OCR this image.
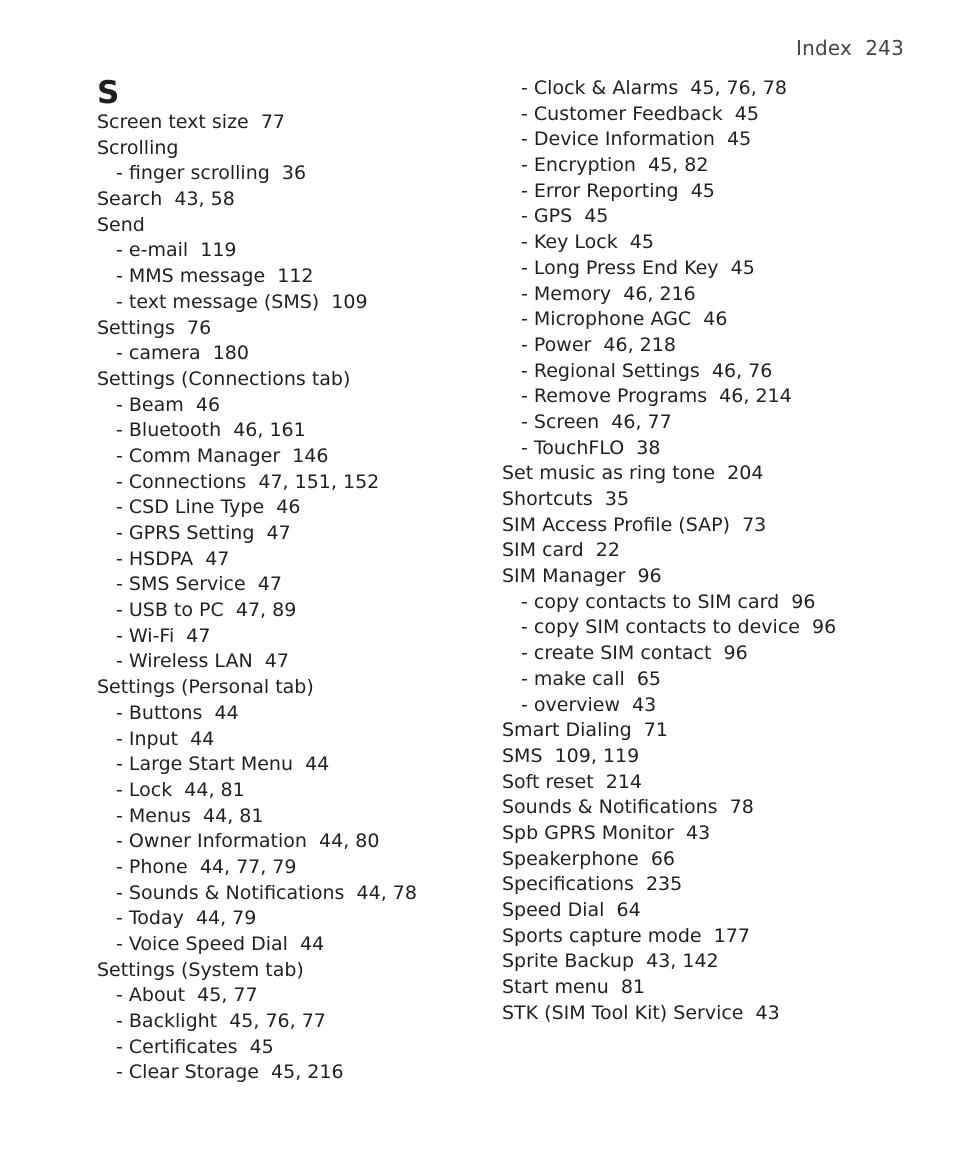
Index 243
S
Screen text size  77
Scrolling
- finger scrolling  36
Search  43, 58
Send
- e-mail  119
- MMS message  112
- text message (SMS)  109
Settings  76
- camera  180
Settings (Connections tab)
- Beam  46
- Bluetooth  46, 161
- Comm Manager  146
- Connections  47, 151, 152
- CSD Line Type  46
- GPRS Setting  47
- HSDPA  47
- SMS Service  47
- USB to PC  47, 89
- Wi-Fi  47
- Wireless LAN  47
Settings (Personal tab)
- Buttons  44
- Input  44
- Large Start Menu  44
- Lock  44, 81
- Menus  44, 81
- Owner Information  44, 80
- Phone  44, 77, 79
- Sounds & Notifications  44, 78
- Today  44, 79
- Voice Speed Dial  44
Settings (System tab)
- About  45, 77
- Backlight  45, 76, 77
- Certificates  45
- Clear Storage  45, 216
- Clock & Alarms  45, 76, 78
- Customer Feedback  45
- Device Information  45
- Encryption  45, 82
- Error Reporting  45
- GPS  45
- Key Lock  45
- Long Press End Key  45
- Memory  46, 216
- Microphone AGC  46
- Power  46, 218
- Regional Settings  46, 76
- Remove Programs  46, 214
- Screen  46, 77
- TouchFLO  38
Set music as ring tone  204
Shortcuts  35
SIM Access Profile (SAP)  73
SIM card  22
SIM Manager  96
- copy contacts to SIM card  96
- copy SIM contacts to device  96
- create SIM contact  96
- make call  65
- overview  43
Smart Dialing  71
SMS  109, 119
Soft reset  214
Sounds & Notifications  78
Spb GPRS Monitor  43
Speakerphone  66
Specifications  235
Speed Dial  64
Sports capture mode  177
Sprite Backup  43, 142
Start menu  81
STK (SIM Tool Kit) Service  43
